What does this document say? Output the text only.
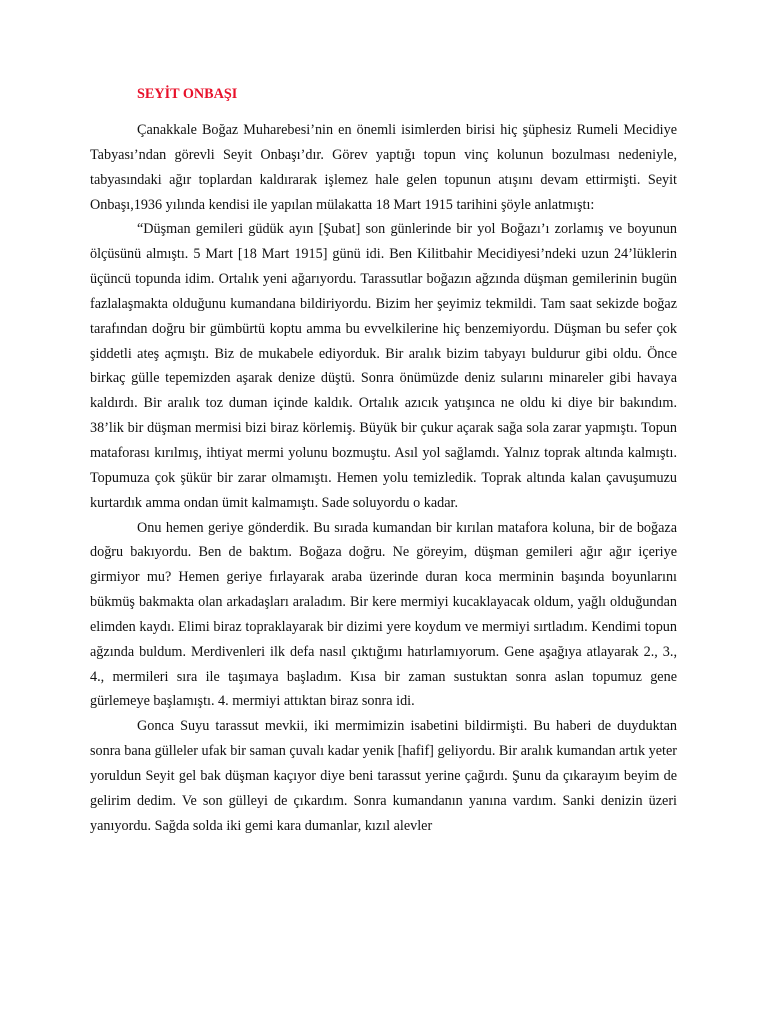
SEYİT ONBAŞI

Çanakkale Boğaz Muharebesi’nin en önemli isimlerden birisi hiç şüphesiz Rumeli Mecidiye Tabyası’ndan görevli Seyit Onbaşı’dır. Görev yaptığı topun vinç kolunun bozulması nedeniyle, tabyasındaki ağır toplardan kaldırarak işlemez hale gelen topunun atışını devam ettirmişti. Seyit Onbaşı,1936 yılında kendisi ile yapılan mülakatta 18 Mart 1915 tarihini şöyle anlatmıştı:

“Düşman gemileri güdük ayın [Şubat] son günlerinde bir yol Boğazı’ı zorlamış ve boyunun ölçüsünü almıştı. 5 Mart [18 Mart 1915] günü idi. Ben Kilitbahir Mecidiyesi’ndeki uzun 24’lüklerin üçüncü topunda idim. Ortalık yeni ağarıyordu. Tarassutlar boğazın ağzında düşman gemilerinin bugün fazlalaşmakta olduğunu kumandana bildiriyordu. Bizim her şeyimiz tekmildi. Tam saat sekizde boğaz tarafından doğru bir gümbürtü koptu amma bu evvelkilerine hiç benzemiyordu. Düşman bu sefer çok şiddetli ateş açmıştı. Biz de mukabele ediyorduk. Bir aralık bizim tabyayı buldurur gibi oldu. Önce birkaç gülle tepemizden aşarak denize düştü. Sonra önümüzde deniz sularını minareler gibi havaya kaldırdı. Bir aralık toz duman içinde kaldık. Ortalık azıcık yatışınca ne oldu ki diye bir bakındım. 38’lik bir düşman mermisi bizi biraz körlemiş. Büyük bir çukur açarak sağa sola zarar yapmıştı. Topun mataforası kırılmış, ihtiyat mermi yolunu bozmuştu. Asıl yol sağlamdı. Yalnız toprak altında kalmıştı. Topumuza çok şükür bir zarar olmamıştı. Hemen yolu temizledik. Toprak altında kalan çavuşumuzu kurtardık amma ondan ümit kalmamıştı. Sade soluyordu o kadar.

Onu hemen geriye gönderdik. Bu sırada kumandan bir kırılan matafora koluna, bir de boğaza doğru bakıyordu. Ben de baktım. Boğaza doğru. Ne göreyim, düşman gemileri ağır ağır içeriye girmiyor mu? Hemen geriye fırlayarak araba üzerinde duran koca merminin başında boyunlarını bükmüş bakmakta olan arkadaşları araladım. Bir kere mermiyi kucaklayacak oldum, yağlı olduğundan elimden kaydı. Elimi biraz topraklayarak bir dizimi yere koydum ve mermiyi sırtladım. Kendimi topun ağzında buldum. Merdivenleri ilk defa nasıl çıktığımı hatırlamıyorum. Gene aşağıya atlayarak 2., 3., 4., mermileri sıra ile taşımaya başladım. Kısa bir zaman sustuktan sonra aslan topumuz gene gürlemeye başlamıştı. 4. mermiyi attıktan biraz sonra idi.

Gonca Suyu tarassut mevkii, iki mermimizin isabetini bildirmişti. Bu haberi de duyduktan sonra bana gülleler ufak bir saman çuvalı kadar yenik [hafif] geliyordu. Bir aralık kumandan artık yeter yoruldun Seyit gel bak düşman kaçıyor diye beni tarassut yerine çağırdı. Şunu da çıkarayım beyim de gelirim dedim. Ve son gülleyi de çıkardım. Sonra kumandanın yanına vardım. Sanki denizin üzeri yanıyordu. Sağda solda iki gemi kara dumanlar, kızıl alevler
